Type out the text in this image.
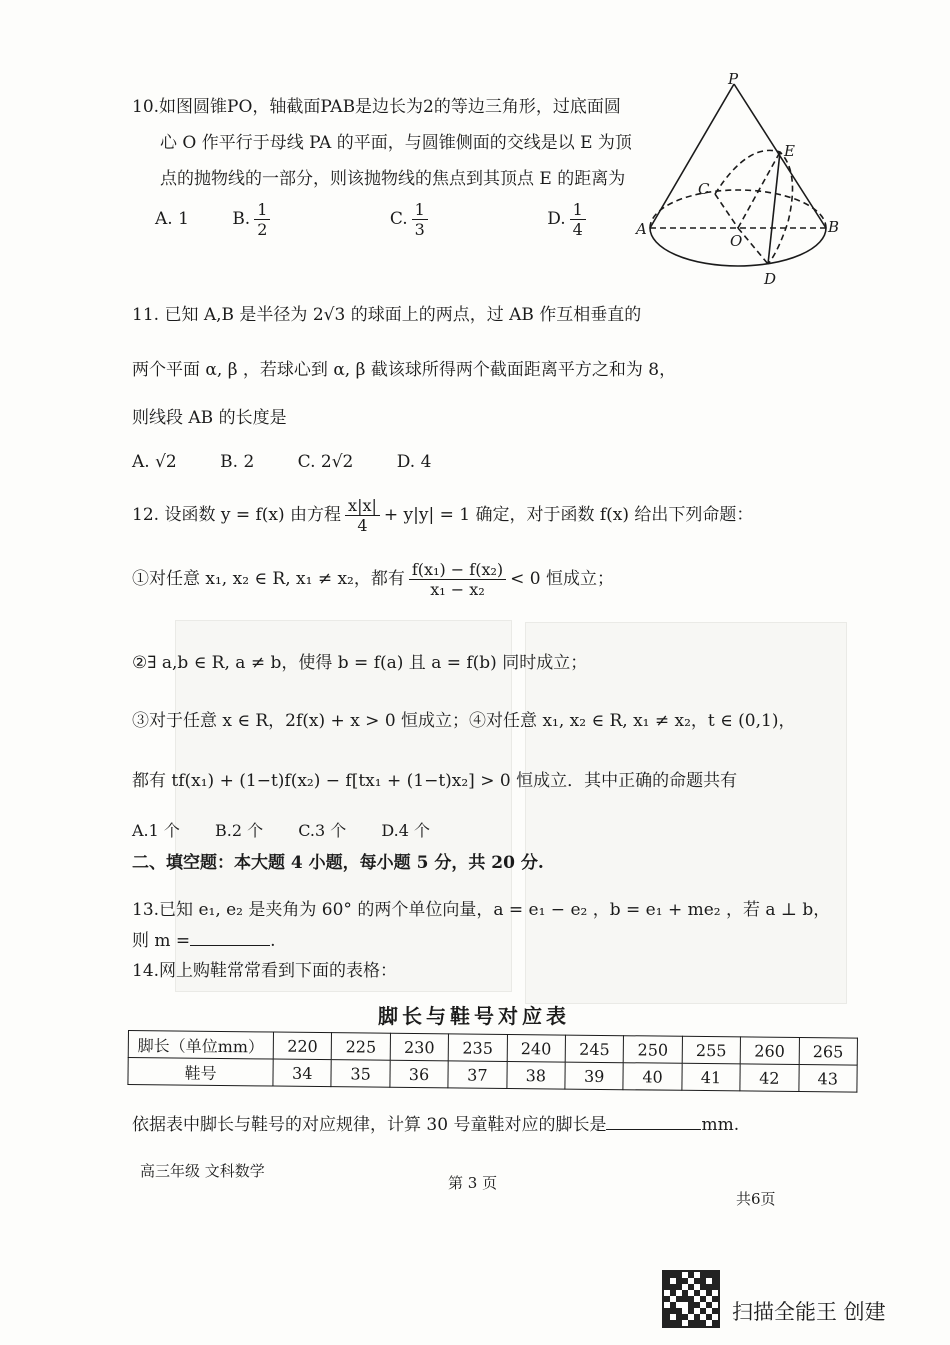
10.如图圆锥PO，轴截面PAB是边长为2的等边三角形，过底面圆
心 O 作平行于母线 PA 的平面，与圆锥侧面的交线是以 E 为顶
点的抛物线的一部分，则该抛物线的焦点到其顶点 E 的距离为
A. 1	B. $\frac{1}{2}$	C. $\frac{1}{3}$	D. $\frac{1}{4}$
P
E
C
A
O
B
D
11. 已知 A,B 是半径为 2√3 的球面上的两点，过 AB 作互相垂直的
两个平面 α, β ，若球心到 α, β 截该球所得两个截面距离平方之和为 8，
则线段 AB 的长度是
A. √2	B. 2	C. 2√2	D. 4
12. 设函数 y = f(x) 由方程 $\frac{x|x|}{4} + y|y| = 1$ 确定，对于函数 f(x) 给出下列命题：
①对任意 x₁, x₂ ∈ R, x₁ ≠ x₂，都有 $\frac{\text{f(x₁) − f(x₂)}}{\text{x₁ − x₂}} < 0$ 恒成立；
②∃ a,b ∈ R, a ≠ b，使得 b = f(a) 且 a = f(b) 同时成立；
③对于任意 x ∈ R，2f(x) + x > 0 恒成立；④对任意 x₁, x₂ ∈ R, x₁ ≠ x₂，t ∈ (0,1)，
都有 tf(x₁) + (1−t)f(x₂) − f[tx₁ + (1−t)x₂] > 0 恒成立．其中正确的命题共有
A.1 个 B.2 个 C.3 个 D.4 个
二、填空题：本大题 4 小题，每小题 5 分，共 20 分.
13.已知 e₁, e₂ 是夹角为 60° 的两个单位向量，a = e₁ − e₂ ，b = e₁ + me₂ ，若 a ⊥ b，
则 m =	.
14.网上购鞋常常看到下面的表格：
脚长与鞋号对应表
脚长（单位mm）	220	225	230	235	240	245	250	255	260	265
鞋号	34	35	36	37	38	39	40	41	42	43
依据表中脚长与鞋号的对应规律，计算 30 号童鞋对应的脚长是	mm.
高三年级 文科数学
第 3 页
共6页
扫描全能王 创建
